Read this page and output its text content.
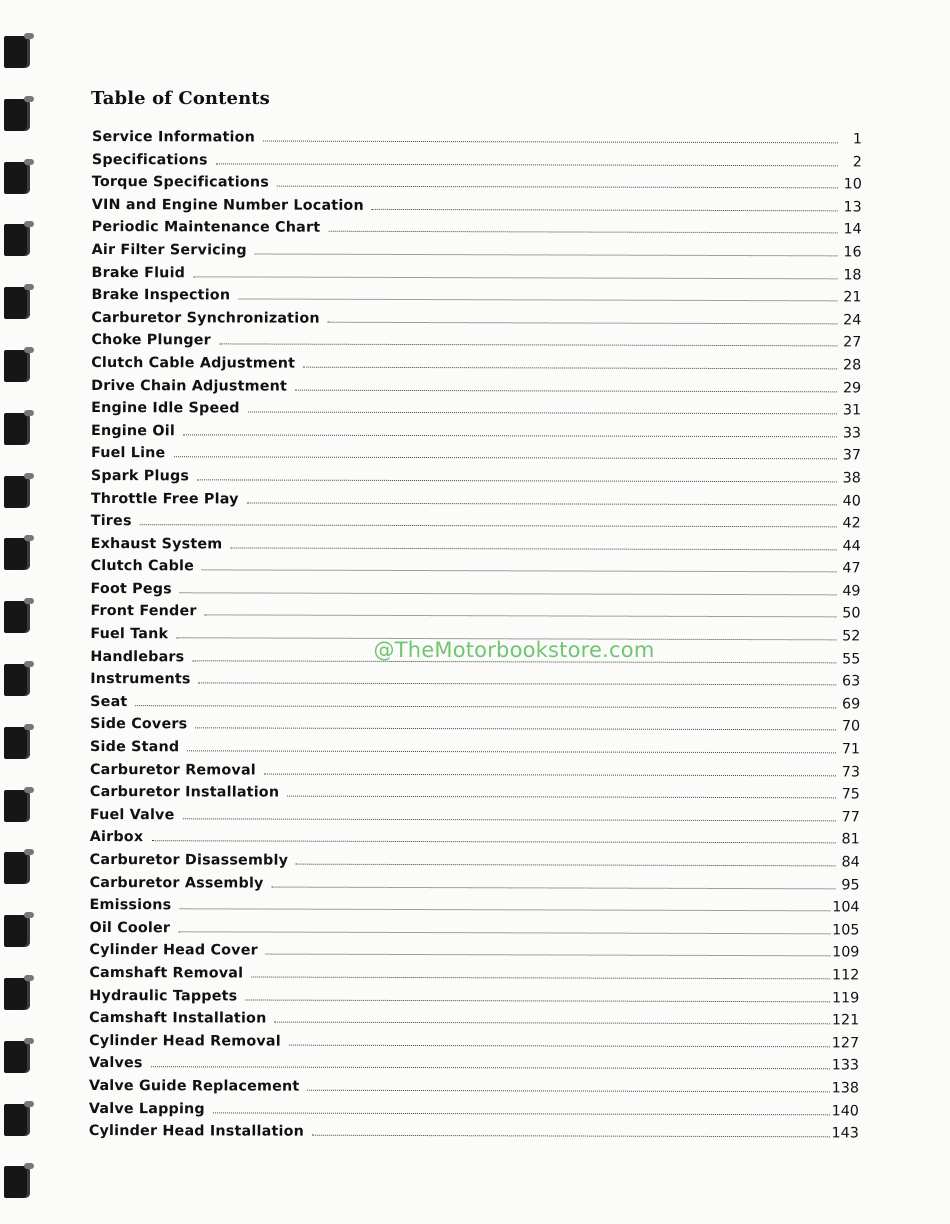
Table of Contents
Service Information	1
Specifications	2
Torque Specifications	10
VIN and Engine Number Location	13
Periodic Maintenance Chart	14
Air Filter Servicing	16
Brake Fluid	18
Brake Inspection	21
Carburetor Synchronization	24
Choke Plunger	27
Clutch Cable Adjustment	28
Drive Chain Adjustment	29
Engine Idle Speed	31
Engine Oil	33
Fuel Line	37
Spark Plugs	38
Throttle Free Play	40
Tires	42
Exhaust System	44
Clutch Cable	47
Foot Pegs	49
Front Fender	50
Fuel Tank	52
Handlebars	55
Instruments	63
Seat	69
Side Covers	70
Side Stand	71
Carburetor Removal	73
Carburetor Installation	75
Fuel Valve	77
Airbox	81
Carburetor Disassembly	84
Carburetor Assembly	95
Emissions	104
Oil Cooler	105
Cylinder Head Cover	109
Camshaft Removal	112
Hydraulic Tappets	119
Camshaft Installation	121
Cylinder Head Removal	127
Valves	133
Valve Guide Replacement	138
Valve Lapping	140
Cylinder Head Installation	143
@TheMotorbookstore.com
